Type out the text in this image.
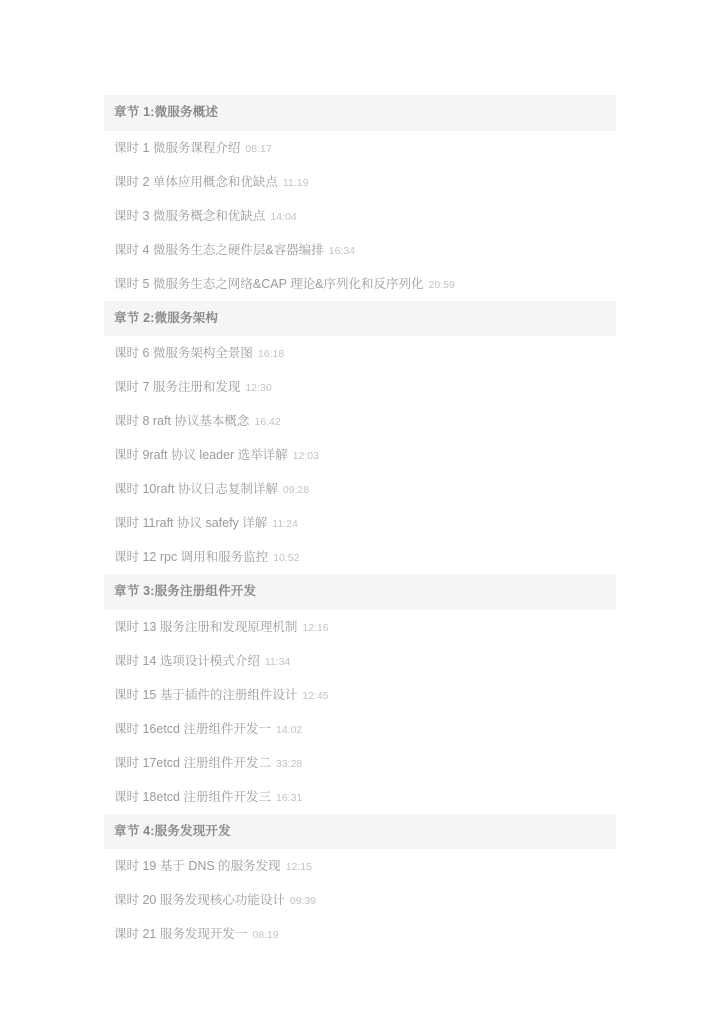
章节 1:微服务概述
课时 1 微服务课程介绍 08:17
课时 2 单体应用概念和优缺点 11:19
课时 3 微服务概念和优缺点 14:04
课时 4 微服务生态之硬件层&容器编排 16:34
课时 5 微服务生态之网络&CAP 理论&序列化和反序列化 20:59
章节 2:微服务架构
课时 6 微服务架构全景图 16:18
课时 7 服务注册和发现 12:30
课时 8 raft 协议基本概念 16:42
课时 9raft 协议 leader 选举详解 12:03
课时 10raft 协议日志复制详解 09:28
课时 11raft 协议 safefy 详解 11:24
课时 12 rpc 调用和服务监控 10:52
章节 3:服务注册组件开发
课时 13 服务注册和发现原理机制 12:16
课时 14 选项设计模式介绍 11:34
课时 15 基于插件的注册组件设计 12:45
课时 16etcd 注册组件开发一 14:02
课时 17etcd 注册组件开发二 33:28
课时 18etcd 注册组件开发三 16:31
章节 4:服务发现开发
课时 19 基于 DNS 的服务发现 12:15
课时 20 服务发现核心功能设计 09:39
课时 21 服务发现开发一 08:19
